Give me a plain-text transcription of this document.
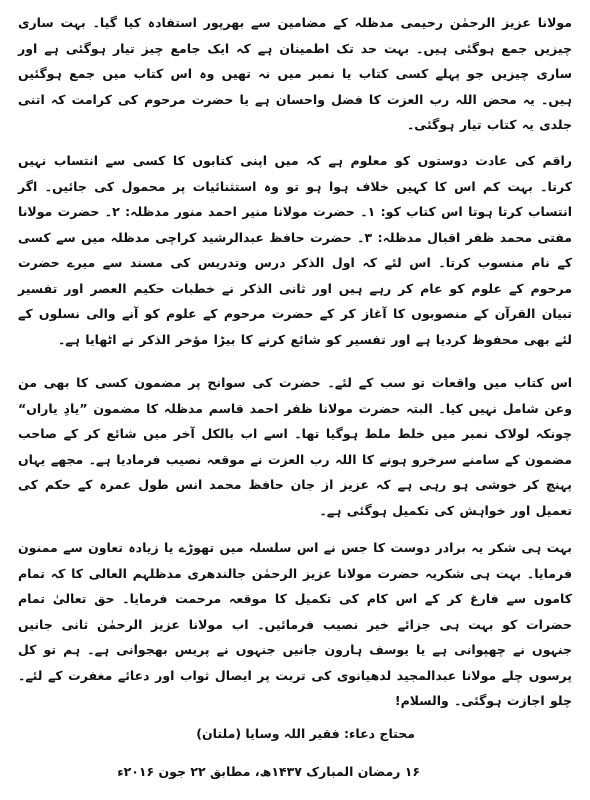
مولانا عزیز الرحمٰن رحیمی مدظلہ کے مضامین سے بھرپور استفادہ کیا گیا۔ بہت ساری چیزیں جمع ہوگئی ہیں۔ بہت حد تک اطمینان ہے کہ ایک جامع چیز تیار ہوگئی ہے اور ساری چیزیں جو پہلے کسی کتاب یا نمبر میں نہ تھیں وہ اس کتاب میں جمع ہوگئیں ہیں۔ یہ محض اللہ رب العزت کا فضل واحسان ہے یا حضرت مرحوم کی کرامت کہ اتنی جلدی یہ کتاب تیار ہوگئی۔
راقم کی عادت دوستوں کو معلوم ہے کہ میں اپنی کتابوں کا کسی سے انتساب نہیں کرتا۔ بہت کم اس کا کہیں خلاف ہوا ہو تو وہ استثنائیات پر محمول کی جائیں۔ اگر انتساب کرتا ہوتا اس کتاب کو: ۱۔ حضرت مولانا منیر احمد منور مدظلہ: ۲۔ حضرت مولانا مفتی محمد ظفر اقبال مدظلہ: ۳۔ حضرت حافظ عبدالرشید کراچی مدظلہ میں سے کسی کے نام منسوب کرتا۔ اس لئے کہ اول الذکر درس وتدریس کی مسند سے میرے حضرت مرحوم کے علوم کو عام کر رہے ہیں اور ثانی الذکر نے خطبات حکیم العصر اور تفسیر تبیان القرآن کے منصوبوں کا آغاز کر کے حضرت مرحوم کے علوم کو آنے والی نسلوں کے لئے بھی محفوظ کردیا ہے اور تفسیر کو شائع کرنے کا بیڑا مؤخر الذکر نے اٹھایا ہے۔
اس کتاب میں واقعات تو سب کے لئے۔ حضرت کی سوانح پر مضمون کسی کا بھی من وعن شامل نہیں کیا۔ البتہ حضرت مولانا ظفر احمد قاسم مدظلہ کا مضمون ”یادِ یاراں“ چونکہ لولاک نمبر میں خلط ملط ہوگیا تھا۔ اسے اب بالکل آخر میں شائع کر کے صاحب مضمون کے سامنے سرخرو ہونے کا اللہ رب العزت نے موقعہ نصیب فرمادیا ہے۔ مجھے یہاں پہنچ کر خوشی ہو رہی ہے کہ عزیز از جان حافظ محمد انس طول عمرہ کے حکم کی تعمیل اور خواہش کی تکمیل ہوگئی ہے۔
بہت ہی شکر یہ برادر دوست کا جس نے اس سلسلہ میں تھوڑے یا زیادہ تعاون سے ممنون فرمایا۔ بہت ہی شکریہ حضرت مولانا عزیز الرحمٰن جالندھری مدظلہم العالی کا کہ تمام کاموں سے فارغ کر کے اس کام کی تکمیل کا موقعہ مرحمت فرمایا۔ حق تعالیٰ تمام حضرات کو بہت ہی جزائے خیر نصیب فرمائیں۔ اب مولانا عزیز الرحمٰن ثانی جانیں جنہوں نے چھپوانی ہے یا یوسف ہارون جانیں جنہوں نے پریس بھجوانی ہے۔ ہم تو کل پرسوں چلے مولانا عبدالمجید لدھیانوی کی تربت پر ایصال ثواب اور دعائے مغفرت کے لئے۔ چلو اجازت ہوگئی۔ والسلام!
محتاج دعاء: فقیر اللہ وسایا (ملتان)
۱۶ رمضان المبارک ۱۴۳۷ھ، مطابق ۲۲ جون ۲۰۱۶ء
